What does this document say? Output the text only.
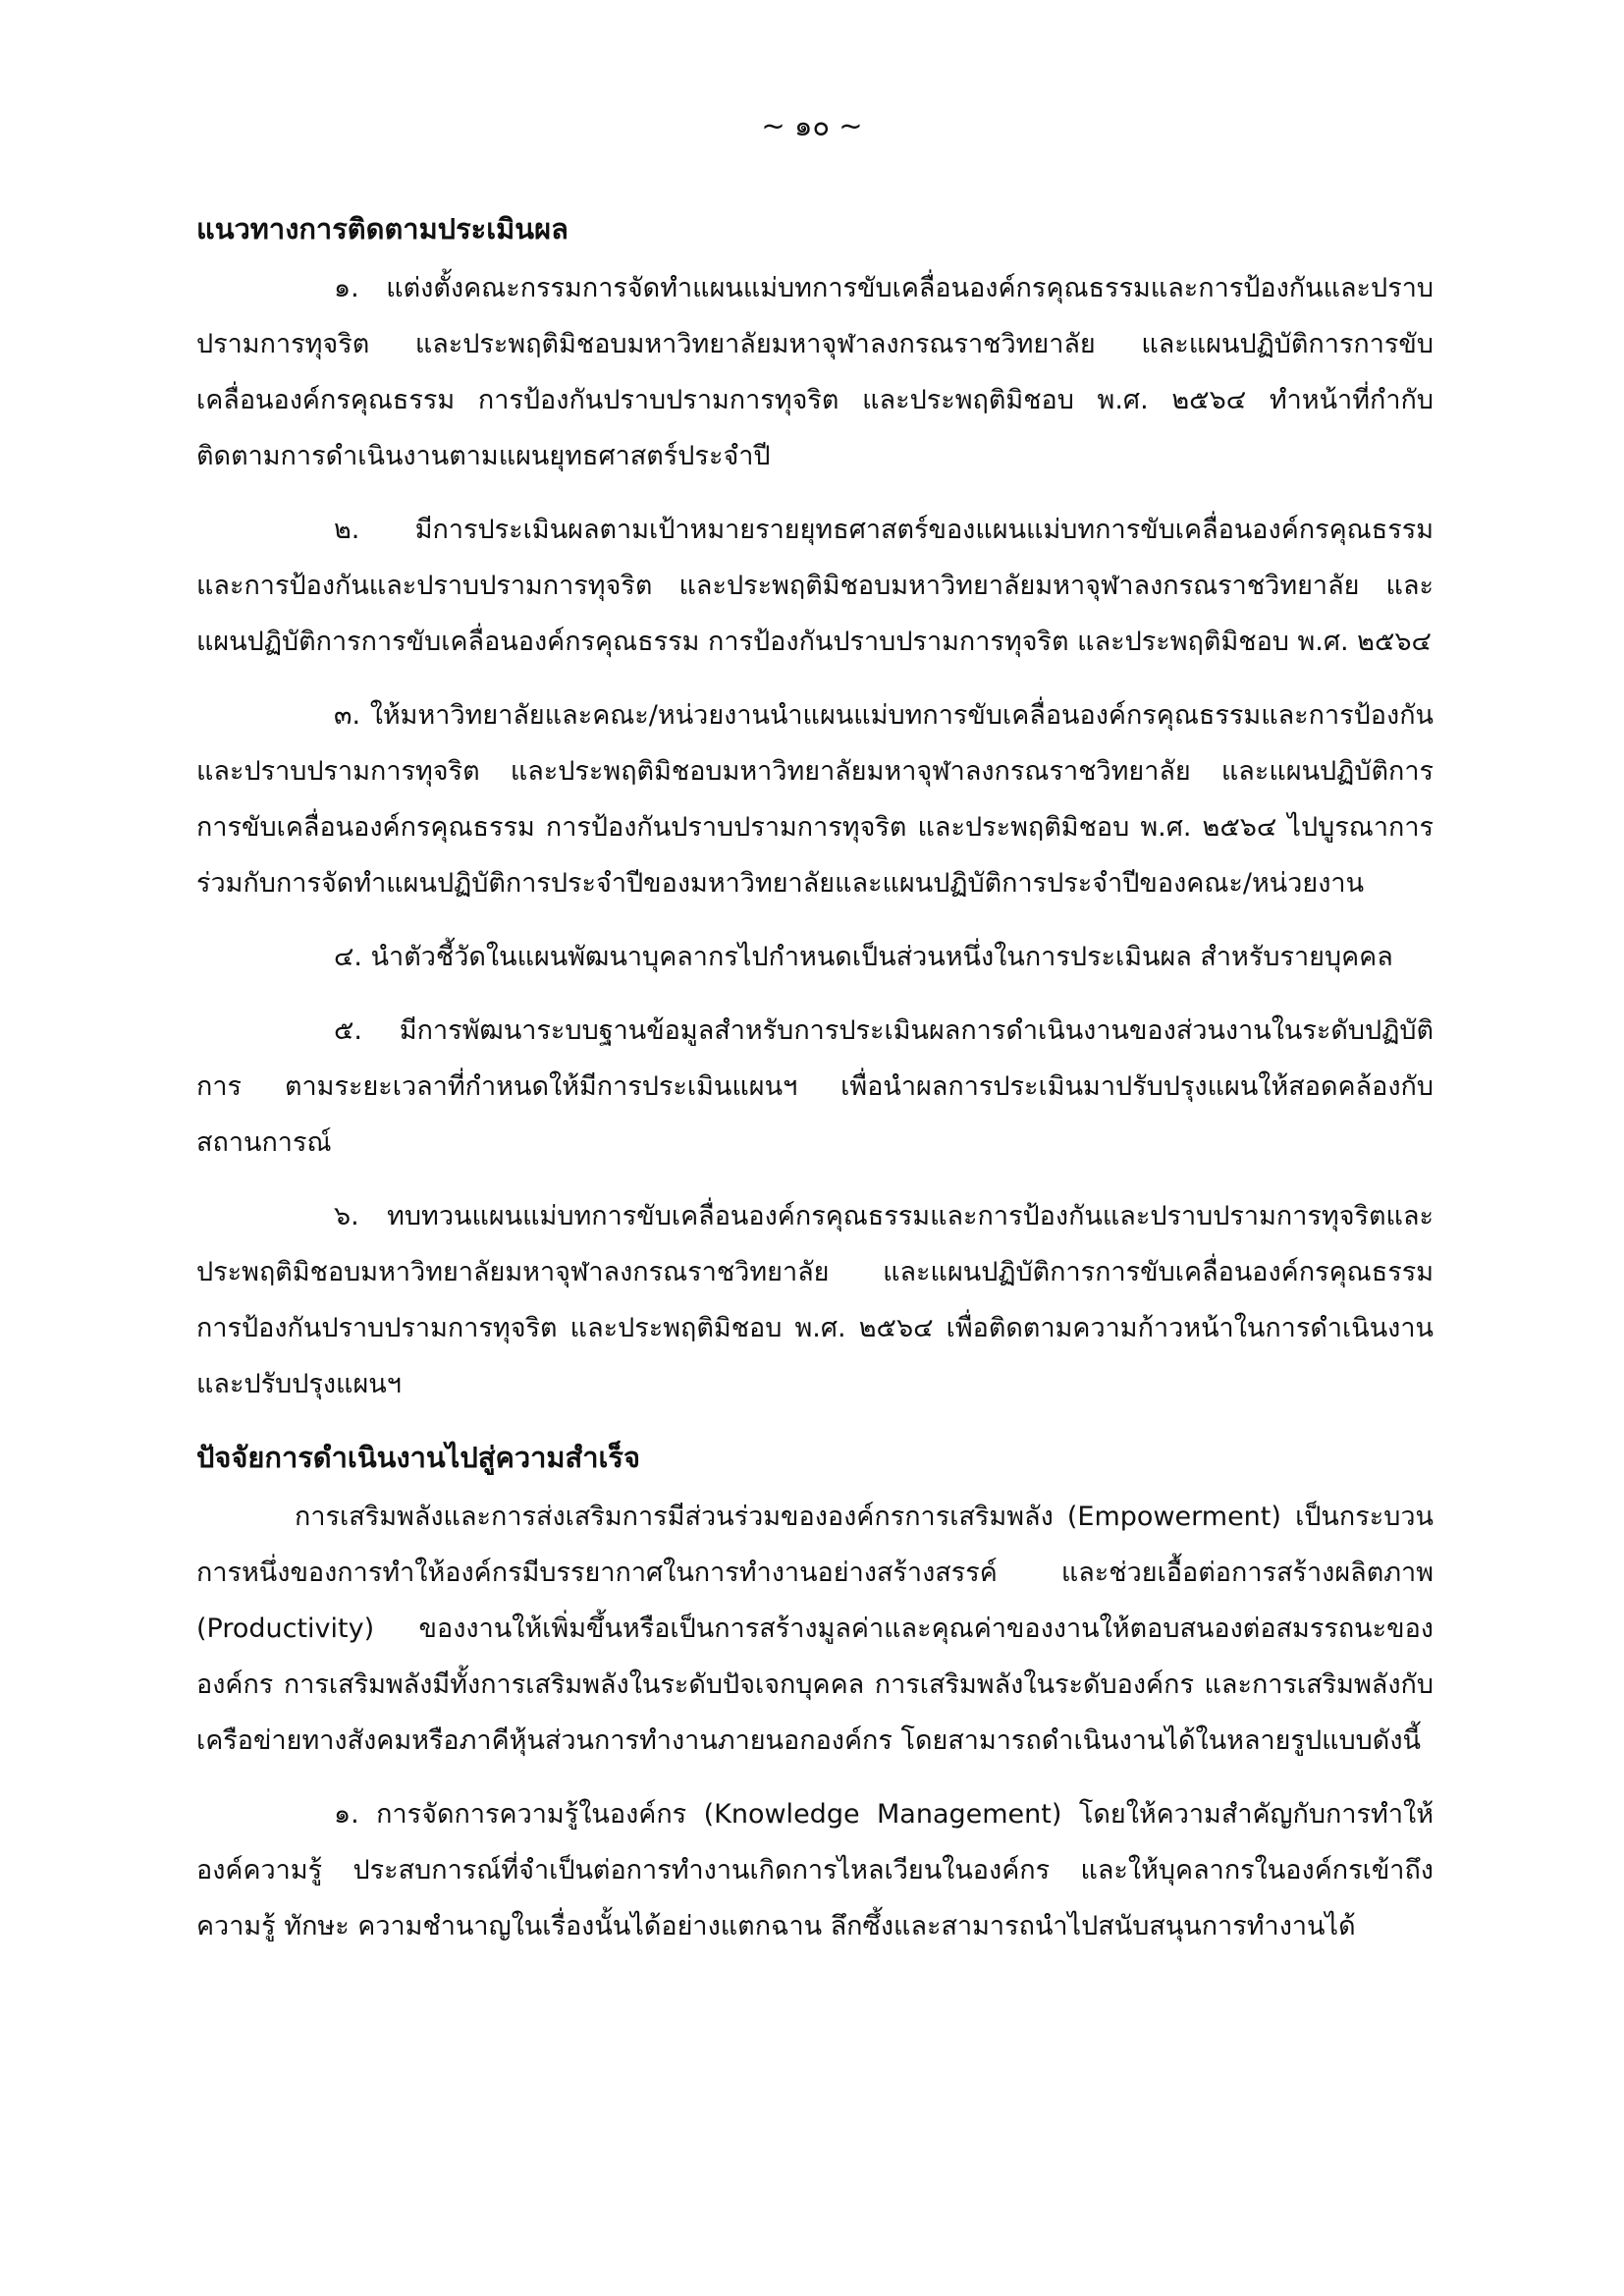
~ ๑๐ ~
แนวทางการติดตามประเมินผล

๑. แต่งตั้งคณะกรรมการจัดทำแผนแม่บทการขับเคลื่อนองค์กรคุณธรรมและการป้องกันและปราบปรามการทุจริต และประพฤติมิชอบมหาวิทยาลัยมหาจุฬาลงกรณราชวิทยาลัย และแผนปฏิบัติการการขับเคลื่อนองค์กรคุณธรรม การป้องกันปราบปรามการทุจริต และประพฤติมิชอบ พ.ศ. ๒๕๖๔ ทำหน้าที่กำกับติดตามการดำเนินงานตามแผนยุทธศาสตร์ประจำปี

๒. มีการประเมินผลตามเป้าหมายรายยุทธศาสตร์ของแผนแม่บทการขับเคลื่อนองค์กรคุณธรรมและการป้องกันและปราบปรามการทุจริต และประพฤติมิชอบมหาวิทยาลัยมหาจุฬาลงกรณราชวิทยาลัย และแผนปฏิบัติการการขับเคลื่อนองค์กรคุณธรรม การป้องกันปราบปรามการทุจริต และประพฤติมิชอบ พ.ศ. ๒๕๖๔

๓. ให้มหาวิทยาลัยและคณะ/หน่วยงานนำแผนแม่บทการขับเคลื่อนองค์กรคุณธรรมและการป้องกันและปราบปรามการทุจริต และประพฤติมิชอบมหาวิทยาลัยมหาจุฬาลงกรณราชวิทยาลัย และแผนปฏิบัติการการขับเคลื่อนองค์กรคุณธรรม การป้องกันปราบปรามการทุจริต และประพฤติมิชอบ พ.ศ. ๒๕๖๔ ไปบูรณาการร่วมกับการจัดทำแผนปฏิบัติการประจำปีของมหาวิทยาลัยและแผนปฏิบัติการประจำปีของคณะ/หน่วยงาน

๔. นำตัวชี้วัดในแผนพัฒนาบุคลากรไปกำหนดเป็นส่วนหนึ่งในการประเมินผล สำหรับรายบุคคล

๕. มีการพัฒนาระบบฐานข้อมูลสำหรับการประเมินผลการดำเนินงานของส่วนงานในระดับปฏิบัติการ ตามระยะเวลาที่กำหนดให้มีการประเมินแผนฯ เพื่อนำผลการประเมินมาปรับปรุงแผนให้สอดคล้องกับสถานการณ์

๖. ทบทวนแผนแม่บทการขับเคลื่อนองค์กรคุณธรรมและการป้องกันและปราบปรามการทุจริตและประพฤติมิชอบมหาวิทยาลัยมหาจุฬาลงกรณราชวิทยาลัย และแผนปฏิบัติการการขับเคลื่อนองค์กรคุณธรรม การป้องกันปราบปรามการทุจริต และประพฤติมิชอบ พ.ศ. ๒๕๖๔ เพื่อติดตามความก้าวหน้าในการดำเนินงานและปรับปรุงแผนฯ

ปัจจัยการดำเนินงานไปสู่ความสำเร็จ

การเสริมพลังและการส่งเสริมการมีส่วนร่วมขององค์กรการเสริมพลัง (Empowerment) เป็นกระบวนการหนึ่งของการทำให้องค์กรมีบรรยากาศในการทำงานอย่างสร้างสรรค์ และช่วยเอื้อต่อการสร้างผลิตภาพ (Productivity) ของงานให้เพิ่มขึ้นหรือเป็นการสร้างมูลค่าและคุณค่าของงานให้ตอบสนองต่อสมรรถนะขององค์กร การเสริมพลังมีทั้งการเสริมพลังในระดับปัจเจกบุคคล การเสริมพลังในระดับองค์กร และการเสริมพลังกับเครือข่ายทางสังคมหรือภาคีหุ้นส่วนการทำงานภายนอกองค์กร โดยสามารถดำเนินงานได้ในหลายรูปแบบดังนี้

๑. การจัดการความรู้ในองค์กร (Knowledge Management) โดยให้ความสำคัญกับการทำให้องค์ความรู้ ประสบการณ์ที่จำเป็นต่อการทำงานเกิดการไหลเวียนในองค์กร และให้บุคลากรในองค์กรเข้าถึงความรู้ ทักษะ ความชำนาญในเรื่องนั้นได้อย่างแตกฉาน ลึกซึ้งและสามารถนำไปสนับสนุนการทำงานได้
